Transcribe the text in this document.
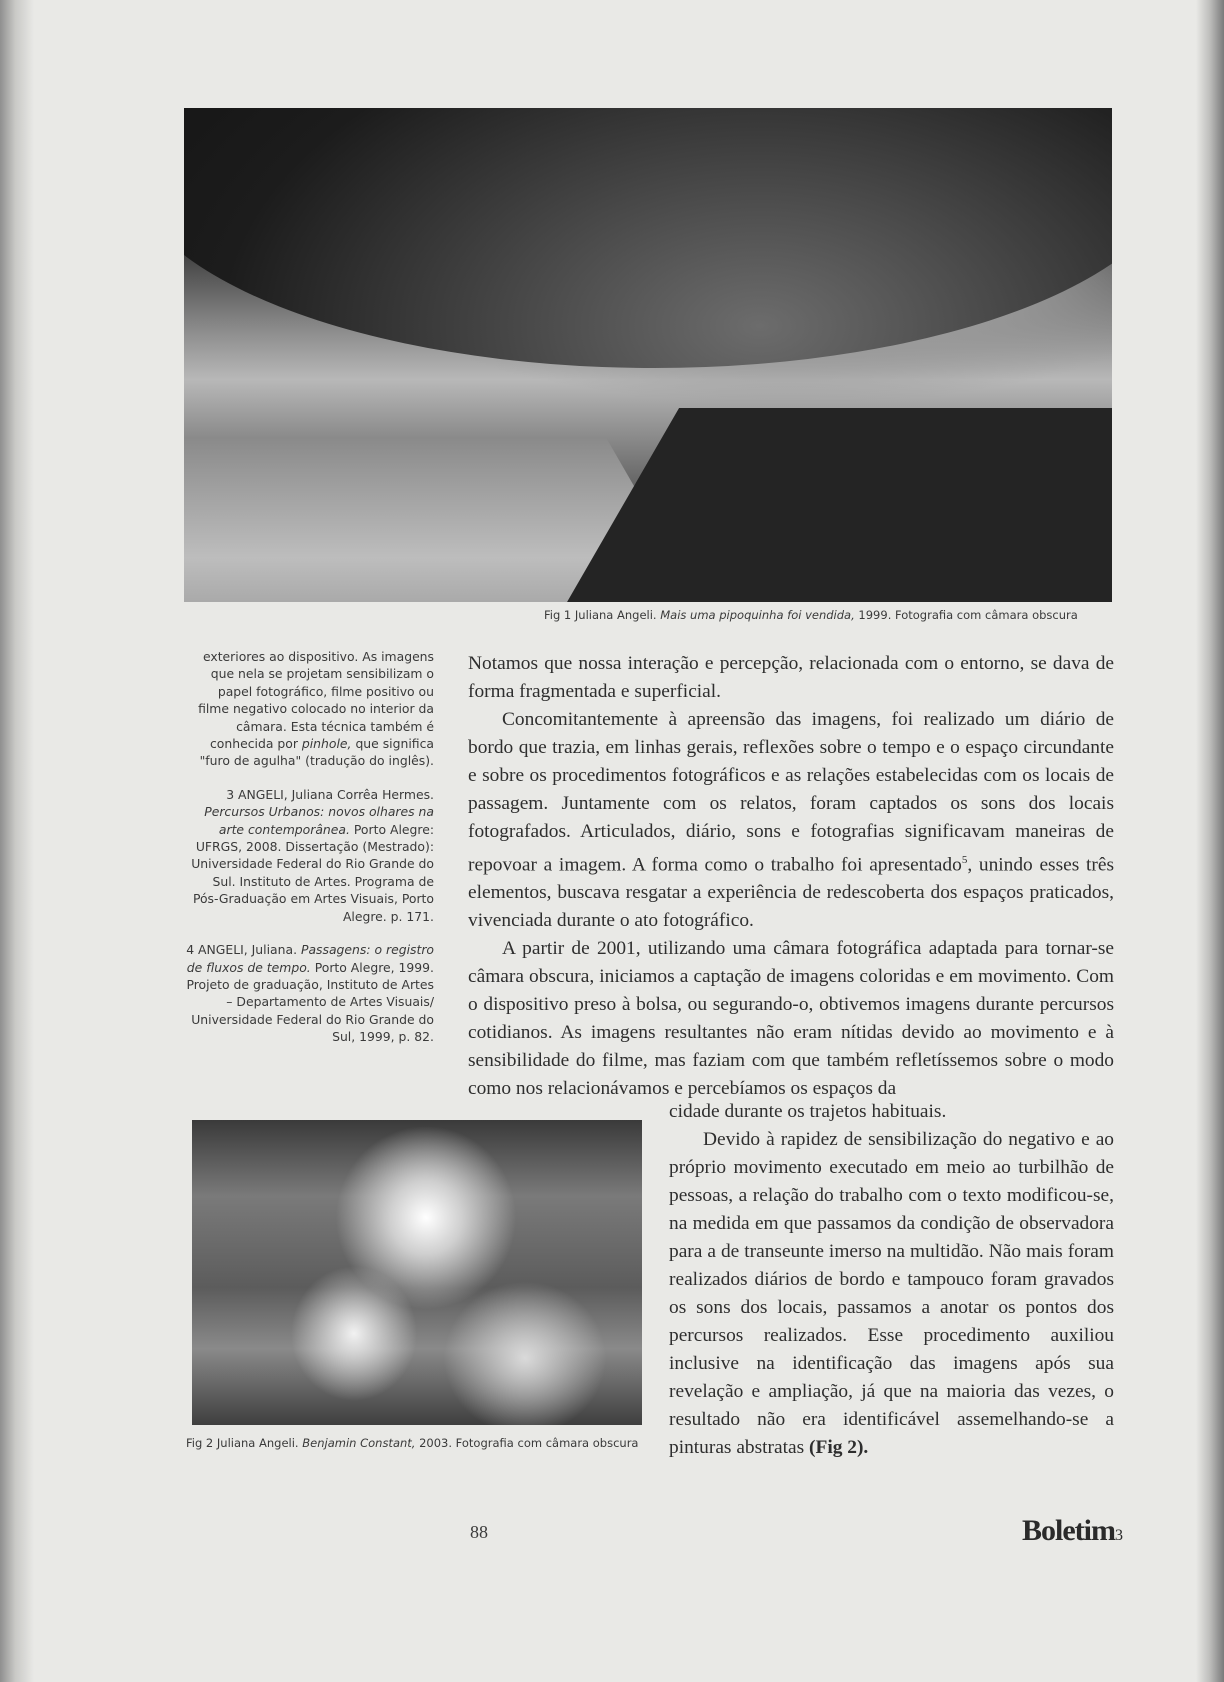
Fig 1 Juliana Angeli. Mais uma pipoquinha foi vendida, 1999. Fotografia com câmara obscura

exteriores ao dispositivo. As imagens que nela se projetam sensibilizam o papel fotográfico, filme positivo ou filme negativo colocado no interior da câmara. Esta técnica também é conhecida por pinhole, que significa "furo de agulha" (tradução do inglês).

3 ANGELI, Juliana Corrêa Hermes. Percursos Urbanos: novos olhares na arte contemporânea. Porto Alegre: UFRGS, 2008. Dissertação (Mestrado): Universidade Federal do Rio Grande do Sul. Instituto de Artes. Programa de Pós-Graduação em Artes Visuais, Porto Alegre. p. 171.

4 ANGELI, Juliana. Passagens: o registro de fluxos de tempo. Porto Alegre, 1999. Projeto de graduação, Instituto de Artes – Departamento de Artes Visuais/ Universidade Federal do Rio Grande do Sul, 1999, p. 82.

Notamos que nossa interação e percepção, relacionada com o entorno, se dava de forma fragmentada e superficial.

Concomitantemente à apreensão das imagens, foi realizado um diário de bordo que trazia, em linhas gerais, reflexões sobre o tempo e o espaço circundante e sobre os procedimentos fotográficos e as relações estabelecidas com os locais de passagem. Juntamente com os relatos, foram captados os sons dos locais fotografados. Articulados, diário, sons e fotografias significavam maneiras de repovoar a imagem. A forma como o trabalho foi apresentado$^5$, unindo esses três elementos, buscava resgatar a experiência de redescoberta dos espaços praticados, vivenciada durante o ato fotográfico.

A partir de 2001, utilizando uma câmara fotográfica adaptada para tornar-se câmara obscura, iniciamos a captação de imagens coloridas e em movimento. Com o dispositivo preso à bolsa, ou segurando-o, obtivemos imagens durante percursos cotidianos. As imagens resultantes não eram nítidas devido ao movimento e à sensibilidade do filme, mas faziam com que também refletíssemos sobre o modo como nos relacionávamos e percebíamos os espaços da

cidade durante os trajetos habituais.

Devido à rapidez de sensibilização do negativo e ao próprio movimento executado em meio ao turbilhão de pessoas, a relação do trabalho com o texto modificou-se, na medida em que passamos da condição de observadora para a de transeunte imerso na multidão. Não mais foram realizados diários de bordo e tampouco foram gravados os sons dos locais, passamos a anotar os pontos dos percursos realizados. Esse procedimento auxiliou inclusive na identificação das imagens após sua revelação e ampliação, já que na maioria das vezes, o resultado não era identificável assemelhando-se a pinturas abstratas (Fig 2).

Fig 2 Juliana Angeli. Benjamin Constant, 2003. Fotografia com câmara obscura
88	Boletim3
